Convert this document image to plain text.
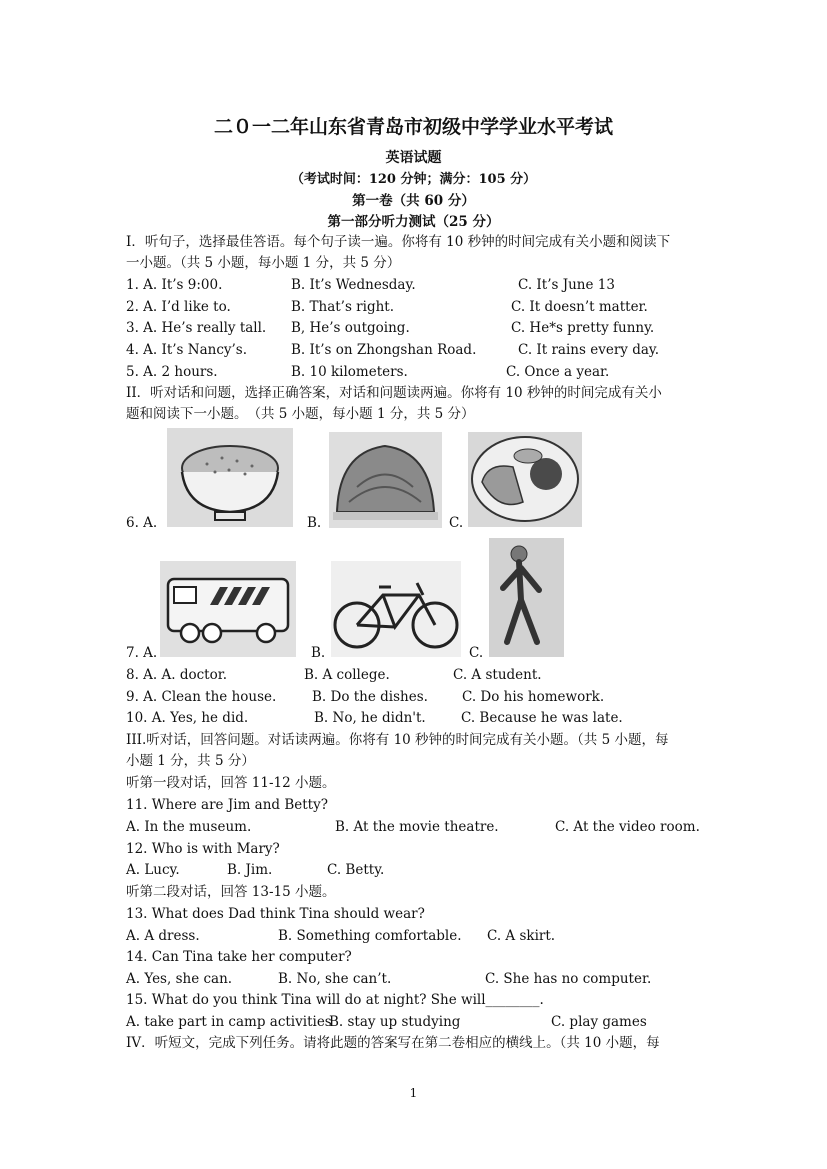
二０一二年山东省青岛市初级中学学业水平考试
英语试题
（考试时间：120 分钟；满分：105 分）
第一卷（共 60 分）
第一部分听力测试（25 分）
I．听句子，选择最佳答语。每个句子读一遍。你将有 10 秒钟的时间完成有关小题和阅读下
一小题。（共 5 小题，每小题 1 分，共 5 分）
1. A. It’s 9:00.	B. It’s Wednesday.	C. It’s June 13
2. A. I’d like to.	B. That’s right.	C. It doesn’t matter.
3. A. He’s really tall. B, He’s outgoing.	C. He*s pretty funny.
4. A. It’s Nancy’s.	B. It’s on Zhongshan Road.	C. It rains every day.
5. A. 2 hours.	B. 10 kilometers.	C. Once a year.
II．听对话和问题，选择正确答案，对话和问题读两遍。你将有 10 秒钟的时间完成有关小
题和阅读下一小题。　（共 5 小题，每小题 1 分，共 5 分）
6. A.	B.	C.
7. A.	B.	C.
8. A. A. doctor.	B. A college.	C. A student.
9. A. Clean the house.	B. Do the dishes.	C. Do his homework.
10. A. Yes, he did.	B. No, he didn't.	C. Because he was late.
III.听对话，回答问题。对话读两遍。你将有 10 秒钟的时间完成有关小题。（共 5 小题，每
小题 1 分，共 5 分）
听第一段对话，回答 11-12 小题。
11. Where are Jim and Betty?
A. In the museum.	B. At the movie theatre.	C. At the video room.
12. Who is with Mary?
A. Lucy.	B. Jim.	C. Betty.
听第二段对话，回答 13-15 小题。
13. What does Dad think Tina should wear?
A. A dress.	B. Something comfortable. C. A skirt.
14. Can Tina take her computer?
A. Yes, she can.	B. No, she can’t.	C. She has no computer.
15. What do you think Tina will do at night? She will________.
A. take part in camp activities
B. stay up studying	C. play games
IV．听短文，完成下列任务。请将此题的答案写在第二卷相应的横线上。（共 10 小题，每
1
